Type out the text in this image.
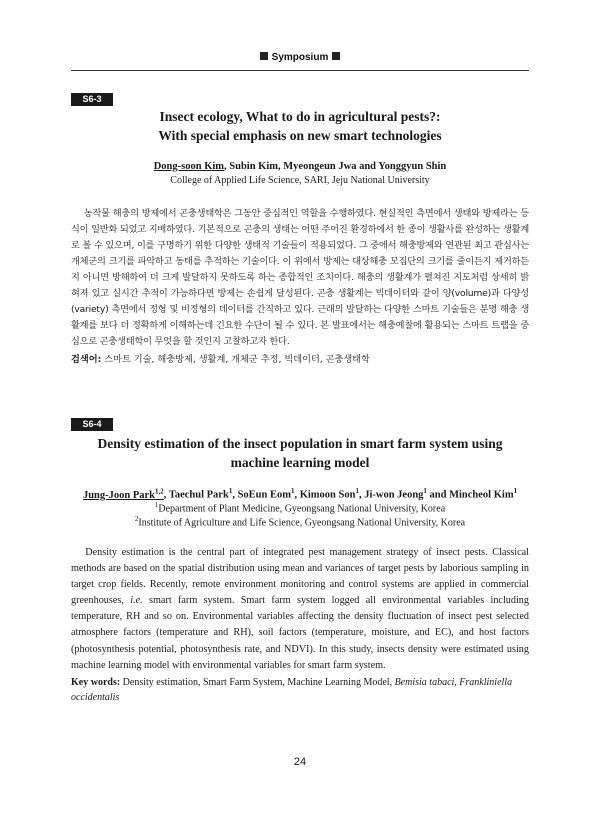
Symposium
S6-3
Insect ecology, What to do in agricultural pests?:
With special emphasis on new smart technologies
Dong-soon Kim, Subin Kim, Myeongeun Jwa and Yonggyun Shin
College of Applied Life Science, SARI, Jeju National University

농작물 해충의 방제에서 곤충생태학은 그동안 중심적인 역할을 수행하였다. 현실적인 측면에서 생태와 방제라는 등식이 일반화 되었고 지배하였다. 기본적으로 곤충의 생태는 어떤 주어진 환경하에서 한 종이 생활사를 완성하는 생활계로 볼 수 있으며, 이를 구명하기 위한 다양한 생태적 기술들이 적용되었다. 그 중에서 해충방제와 연관된 최고 관심사는 개체군의 크기를 파악하고 동태를 추적하는 기술이다. 이 위에서 방제는 대상해충 모집단의 크기를 줄이든지 제거하든지 아니면 방해하여 더 크게 발달하지 못하도록 하는 종합적인 조치이다. 해충의 생활계가 펼쳐진 지도처럼 상세히 밝혀져 있고 실시간 추적이 가능하다면 방제는 손쉽게 달성된다. 곤충 생활계는 빅데이터와 같이 양(volume)과 다양성(variety) 측면에서 정형 및 비정형의 데이터를 간직하고 있다. 근래의 발달하는 다양한 스마트 기술들은 분명 해충 생활계를 보다 더 정확하게 이해하는데 긴요한 수단이 될 수 있다. 본 발표에서는 해충예찰에 활용되는 스마트 트랩을 중심으로 곤충생태학이 무엇을 할 것인지 고찰하고자 한다.

검색어: 스마트 기술, 해충방제, 생활계, 개체군 추정, 빅데이터, 곤충생태학
S6-4
Density estimation of the insect population in smart farm system using
machine learning model
Jung-Joon Park$^{1,2}$, Taechul Park$^1$, SoEun Eom$^1$, Kimoon Son$^1$, Ji-won Jeong$^1$ and Mincheol Kim$^1$
$^1$Department of Plant Medicine, Gyeongsang National University, Korea
$^2$Institute of Agriculture and Life Science, Gyeongsang National University, Korea

Density estimation is the central part of integrated pest management strategy of insect pests. Classical methods are based on the spatial distribution using mean and variances of target pests by laborious sampling in target crop fields. Recently, remote environment monitoring and control systems are applied in commercial greenhouses, i.e. smart farm system. Smart farm system logged all environmental variables including temperature, RH and so on. Environmental variables affecting the density fluctuation of insect pest selected atmosphere factors (temperature and RH), soil factors (temperature, moisture, and EC), and host factors (photosynthesis potential, photosynthesis rate, and NDVI). In this study, insects density were estimated using machine learning model with environmental variables for smart farm system.

Key words: Density estimation, Smart Farm System, Machine Learning Model, Bemisia tabaci, Frankliniella occidentalis
24
